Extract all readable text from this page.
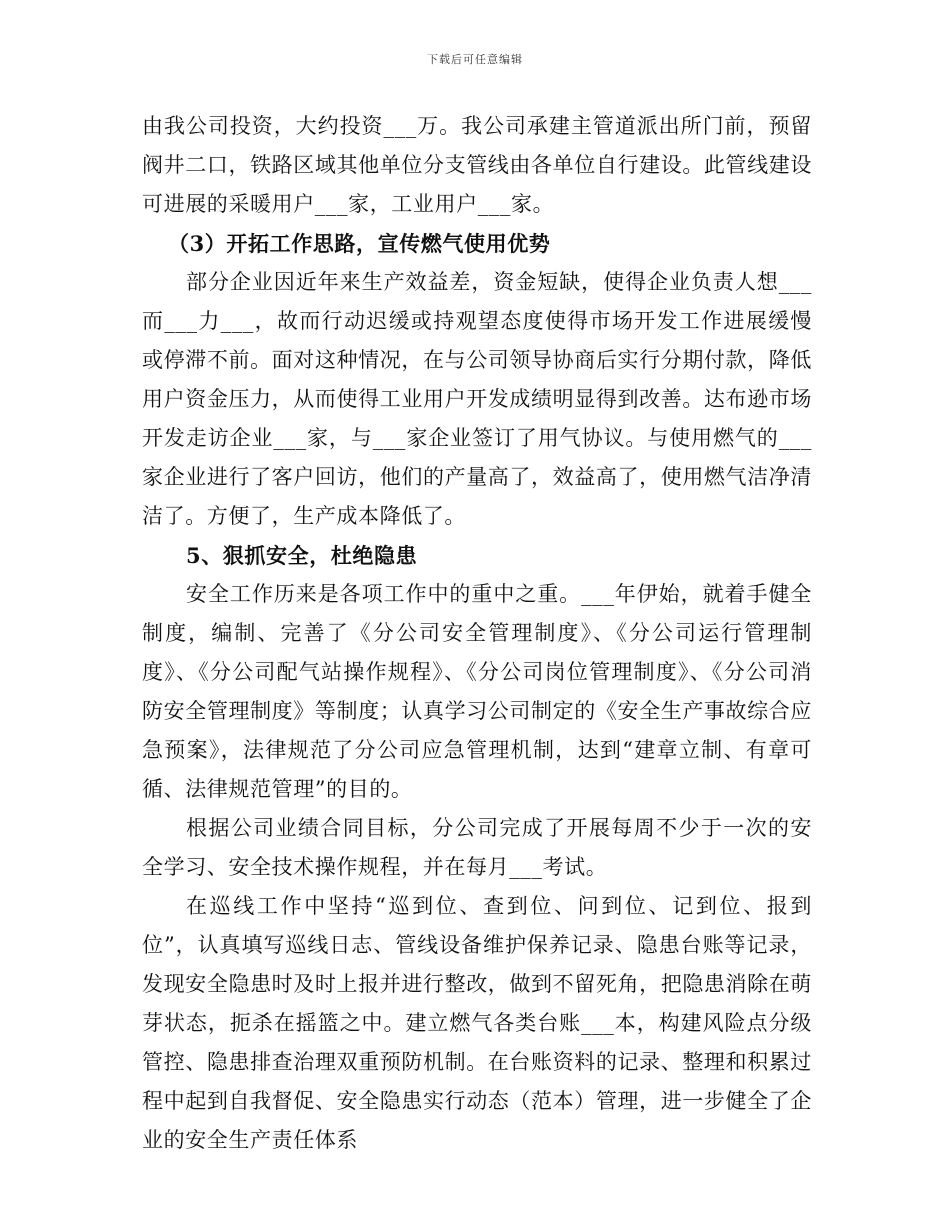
下载后可任意编辑

由我公司投资，大约投资___万。我公司承建主管道派出所门前，预留阀井二口，铁路区域其他单位分支管线由各单位自行建设。此管线建设可进展的采暖用户___家，工业用户___家。

（3）开拓工作思路，宣传燃气使用优势

部分企业因近年来生产效益差，资金短缺，使得企业负责人想___而___力___，故而行动迟缓或持观望态度使得市场开发工作进展缓慢或停滞不前。面对这种情况，在与公司领导协商后实行分期付款，降低用户资金压力，从而使得工业用户开发成绩明显得到改善。达布逊市场开发走访企业___家，与___家企业签订了用气协议。与使用燃气的___家企业进行了客户回访，他们的产量高了，效益高了，使用燃气洁净清洁了。方便了，生产成本降低了。

5、狠抓安全，杜绝隐患

安全工作历来是各项工作中的重中之重。___年伊始，就着手健全制度，编制、完善了《分公司安全管理制度》、《分公司运行管理制度》、《分公司配气站操作规程》、《分公司岗位管理制度》、《分公司消防安全管理制度》等制度；认真学习公司制定的《安全生产事故综合应急预案》，法律规范了分公司应急管理机制，达到“建章立制、有章可循、法律规范管理”的目的。

根据公司业绩合同目标，分公司完成了开展每周不少于一次的安全学习、安全技术操作规程，并在每月___考试。

在巡线工作中坚持“巡到位、查到位、问到位、记到位、报到位”，认真填写巡线日志、管线设备维护保养记录、隐患台账等记录，发现安全隐患时及时上报并进行整改，做到不留死角，把隐患消除在萌芽状态，扼杀在摇篮之中。建立燃气各类台账___本，构建风险点分级管控、隐患排查治理双重预防机制。在台账资料的记录、整理和积累过程中起到自我督促、安全隐患实行动态（范本）管理，进一步健全了企业的安全生产责任体系
